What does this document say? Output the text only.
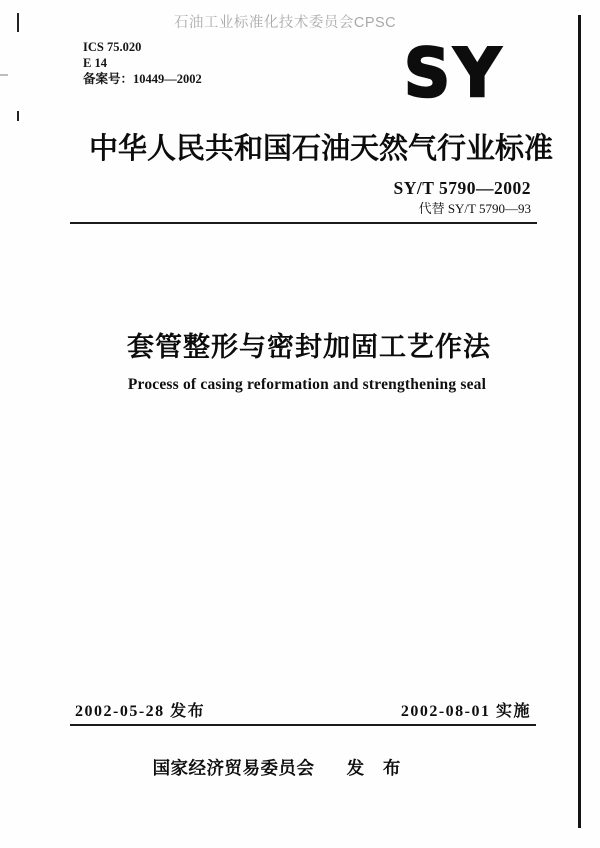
石油工业标准化技术委员会CPSC
ICS 75.020
E 14
备案号：10449—2002	SY
中华人民共和国石油天然气行业标准
SY/T 5790—2002
代替 SY/T 5790—93
套管整形与密封加固工艺作法
Process of casing reformation and strengthening seal
2002-05-28 发布	2002-08-01 实施
国家经济贸易委员会 发 布
